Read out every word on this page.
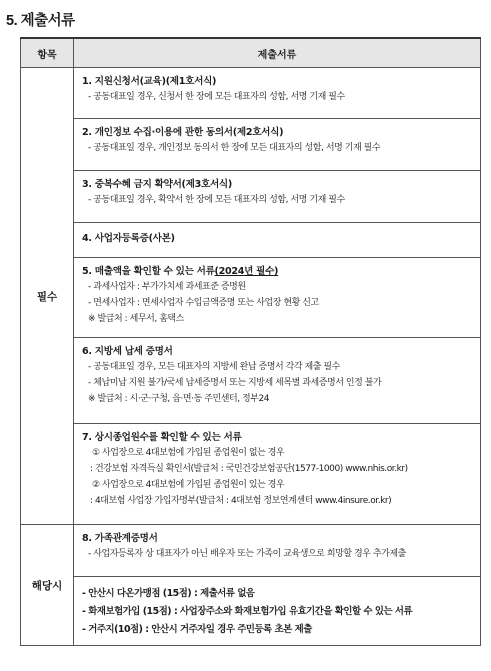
5. 제출서류
항목	제출서류
필수	1. 지원신청서(교육)(제1호서식)
- 공동대표일 경우, 신청서 한 장에 모든 대표자의 성함, 서명 기재 필수

	2. 개인정보 수집·이용에 관한 동의서(제2호서식)
- 공동대표일 경우, 개인정보 동의서 한 장에 모든 대표자의 성함, 서명 기재 필수

	3. 중복수혜 금지 확약서(제3호서식)
- 공동대표일 경우, 확약서 한 장에 모든 대표자의 성함, 서명 기재 필수

	4. 사업자등록증(사본)

	5. 매출액을 확인할 수 있는 서류(2024년 필수)
- 과세사업자 : 부가가치세 과세표준 증명원
- 면세사업자 : 면세사업자 수입금액증명 또는 사업장 현황 신고
※ 발급처 : 세무서, 홈택스

	6. 지방세 납세 증명서
- 공동대표일 경우, 모든 대표자의 지방세 완납 증명서 각각 제출 필수
- 체납미납 지원 불가/국세 납세증명서 또는 지방세 세목별 과세증명서 인정 불가
※ 발급처 : 시·군·구청, 읍·면·동 주민센터, 정부24

	7. 상시종업원수를 확인할 수 있는 서류
① 사업장으로 4대보험에 가입된 종업원이 없는 경우
: 건강보험 자격득실 확인서(발급처 : 국민건강보험공단(1577-1000) www.nhis.or.kr)
② 사업장으로 4대보험에 가입된 종업원이 있는 경우
: 4대보험 사업장 가입자명부(발급처 : 4대보험 정보연계센터 www.4insure.or.kr)

해당시	8. 가족관계증명서
- 사업자등록자 상 대표자가 아닌 배우자 또는 가족이 교육생으로 희망할 경우 추가제출

	- 안산시 다온가맹점 (15점) : 제출서류 없음
- 화재보험가입 (15점) : 사업장주소와 화재보험가입 유효기간을 확인할 수 있는 서류
- 거주지(10점) : 안산시 거주자일 경우 주민등록 초본 제출
